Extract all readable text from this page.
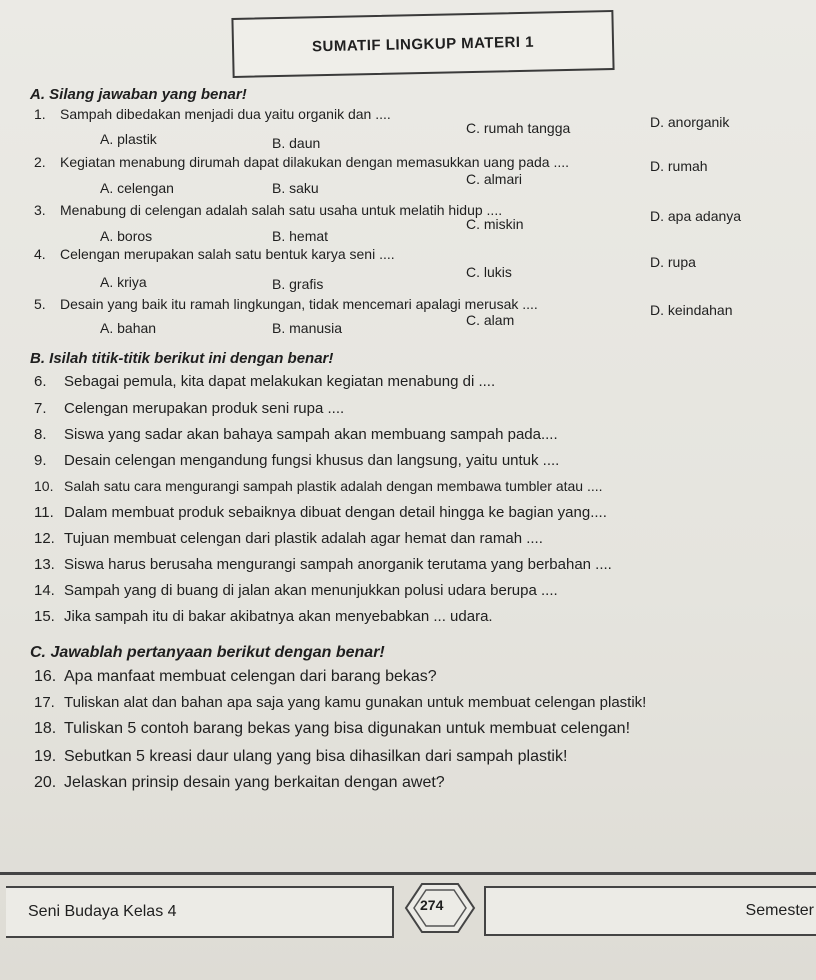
SUMATIF LINGKUP MATERI 1
A. Silang jawaban yang benar!
1. Sampah dibedakan menjadi dua yaitu organik dan ....
A. plastik	B. daun
C. rumah tangga	D. anorganik
2. Kegiatan menabung dirumah dapat dilakukan dengan memasukkan uang pada ....
A. celengan	B. saku
C. almari
D. rumah
3. Menabung di celengan adalah salah satu usaha untuk melatih hidup ....
A. boros	B. hemat
C. miskin	D. apa adanya
4. Celengan merupakan salah satu bentuk karya seni ....
A. kriya	B. grafis
C. lukis
D. rupa
5. Desain yang baik itu ramah lingkungan, tidak mencemari apalagi merusak ....
A. bahan	B. manusia	C. alam
D. keindahan
B. Isilah titik-titik berikut ini dengan benar!
6. Sebagai pemula, kita dapat melakukan kegiatan menabung di ....
7. Celengan merupakan produk seni rupa ....
8. Siswa yang sadar akan bahaya sampah akan membuang sampah pada....
9. Desain celengan mengandung fungsi khusus dan langsung, yaitu untuk ....
10. Salah satu cara mengurangi sampah plastik adalah dengan membawa tumbler atau ....
11. Dalam membuat produk sebaiknya dibuat dengan detail hingga ke bagian yang....
12. Tujuan membuat celengan dari plastik adalah agar hemat dan ramah ....
13. Siswa harus berusaha mengurangi sampah anorganik terutama yang berbahan ....
14. Sampah yang di buang di jalan akan menunjukkan polusi udara berupa ....
15. Jika sampah itu di bakar akibatnya akan menyebabkan ... udara.
C. Jawablah pertanyaan berikut dengan benar!
16. Apa manfaat membuat celengan dari barang bekas?
17. Tuliskan alat dan bahan apa saja yang kamu gunakan untuk membuat celengan plastik!
18. Tuliskan 5 contoh barang bekas yang bisa digunakan untuk membuat celengan!
19. Sebutkan 5 kreasi daur ulang yang bisa dihasilkan dari sampah plastik!
20. Jelaskan prinsip desain yang berkaitan dengan awet?
Seni Budaya Kelas 4	274	Semester
